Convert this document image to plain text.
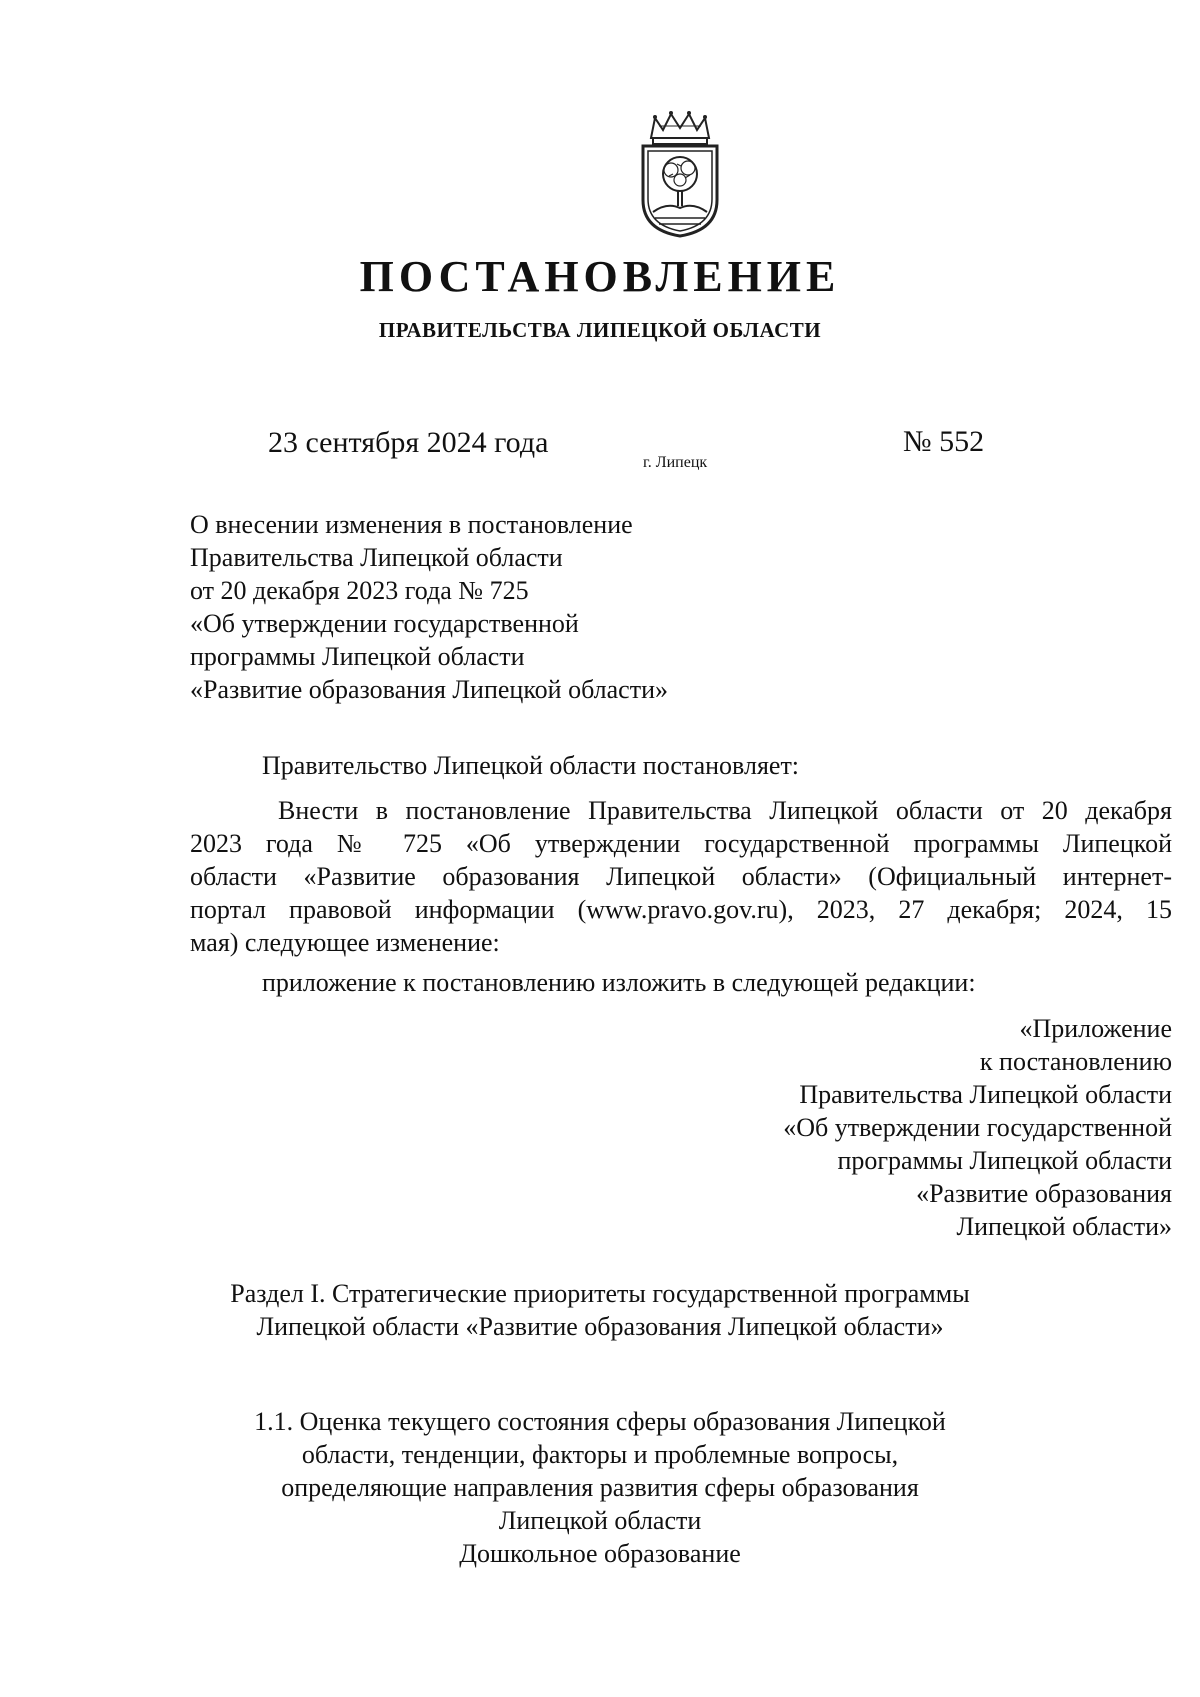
ПОСТАНОВЛЕНИЕ
ПРАВИТЕЛЬСТВА ЛИПЕЦКОЙ ОБЛАСТИ
23 сентября 2024 года
г. Липецк
№ 552
О внесении изменения в постановление
Правительства Липецкой области
от 20 декабря 2023 года № 725
«Об утверждении государственной
программы Липецкой области
«Развитие образования Липецкой области»
Правительство Липецкой области постановляет:
Внести в постановление Правительства Липецкой области от 20 декабря
2023 года № 725 «Об утверждении государственной программы Липецкой
области «Развитие образования Липецкой области» (Официальный интернет-
портал правовой информации (www.pravo.gov.ru), 2023, 27 декабря; 2024, 15
мая) следующее изменение:
приложение к постановлению изложить в следующей редакции:
«Приложение
к постановлению
Правительства Липецкой области
«Об утверждении государственной
программы Липецкой области
«Развитие образования
Липецкой области»
Раздел I. Стратегические приоритеты государственной программы
Липецкой области «Развитие образования Липецкой области»
1.1. Оценка текущего состояния сферы образования Липецкой
области, тенденции, факторы и проблемные вопросы,
определяющие направления развития сферы образования
Липецкой области
Дошкольное образование
